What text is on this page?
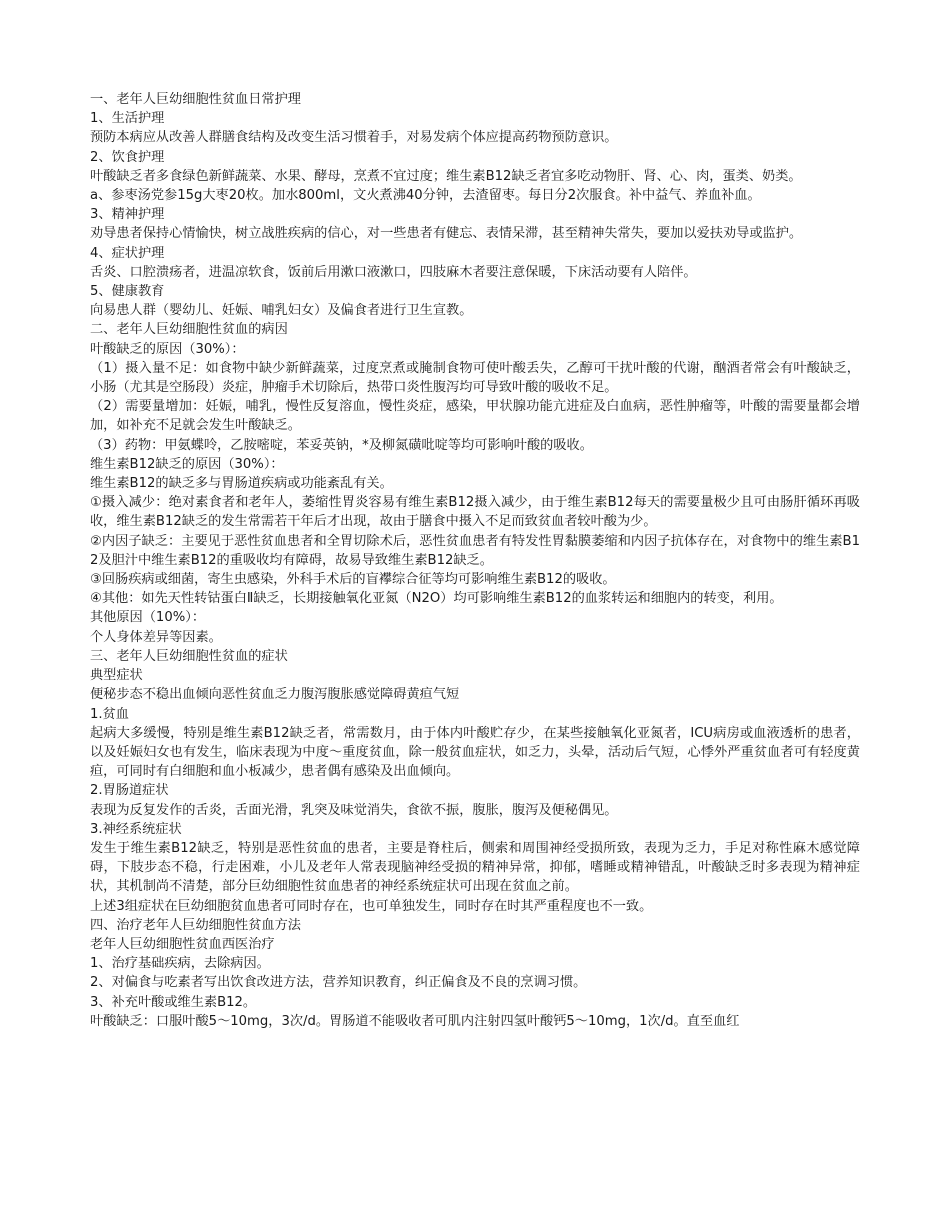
一、老年人巨幼细胞性贫血日常护理

1、生活护理

预防本病应从改善人群膳食结构及改变生活习惯着手，对易发病个体应提高药物预防意识。

2、饮食护理

叶酸缺乏者多食绿色新鲜蔬菜、水果、酵母，烹煮不宜过度；维生素B12缺乏者宜多吃动物肝、肾、心、肉，蛋类、奶类。

a、参枣汤党参15g大枣20枚。加水800ml，文火煮沸40分钟，去渣留枣。每日分2次服食。补中益气、养血补血。

3、精神护理

劝导患者保持心情愉快，树立战胜疾病的信心，对一些患者有健忘、表情呆滞，甚至精神失常失，要加以爱扶劝导或监护。

4、症状护理

舌炎、口腔溃疡者，进温凉软食，饭前后用漱口液漱口，四肢麻木者要注意保暖，下床活动要有人陪伴。

5、健康教育

向易患人群（婴幼儿、妊娠、哺乳妇女）及偏食者进行卫生宣教。

二、老年人巨幼细胞性贫血的病因

叶酸缺乏的原因（30%）：

（1）摄入量不足：如食物中缺少新鲜蔬菜，过度烹煮或腌制食物可使叶酸丢失，乙醇可干扰叶酸的代谢，酗酒者常会有叶酸缺乏，小肠（尤其是空肠段）炎症，肿瘤手术切除后，热带口炎性腹泻均可导致叶酸的吸收不足。

（2）需要量增加：妊娠，哺乳，慢性反复溶血，慢性炎症，感染，甲状腺功能亢进症及白血病，恶性肿瘤等，叶酸的需要量都会增加，如补充不足就会发生叶酸缺乏。

（3）药物：甲氨蝶呤，乙胺嘧啶，苯妥英钠，*及柳氮磺吡啶等均可影响叶酸的吸收。

维生素B12缺乏的原因（30%）：

维生素B12的缺乏多与胃肠道疾病或功能紊乱有关。

①摄入减少：绝对素食者和老年人，萎缩性胃炎容易有维生素B12摄入减少，由于维生素B12每天的需要量极少且可由肠肝循环再吸收，维生素B12缺乏的发生常需若干年后才出现，故由于膳食中摄入不足而致贫血者较叶酸为少。

②内因子缺乏：主要见于恶性贫血患者和全胃切除术后，恶性贫血患者有特发性胃黏膜萎缩和内因子抗体存在，对食物中的维生素B12及胆汁中维生素B12的重吸收均有障碍，故易导致维生素B12缺乏。

③回肠疾病或细菌，寄生虫感染，外科手术后的盲襻综合征等均可影响维生素B12的吸收。

④其他：如先天性转钴蛋白Ⅱ缺乏，长期接触氧化亚氮（N2O）均可影响维生素B12的血浆转运和细胞内的转变，利用。

其他原因（10%）：

个人身体差异等因素。

三、老年人巨幼细胞性贫血的症状

典型症状

便秘步态不稳出血倾向恶性贫血乏力腹泻腹胀感觉障碍黄疸气短

1.贫血

起病大多缓慢，特别是维生素B12缺乏者，常需数月，由于体内叶酸贮存少，在某些接触氧化亚氮者，ICU病房或血液透析的患者，以及妊娠妇女也有发生，临床表现为中度～重度贫血，除一般贫血症状，如乏力，头晕，活动后气短，心悸外严重贫血者可有轻度黄疸，可同时有白细胞和血小板减少，患者偶有感染及出血倾向。

2.胃肠道症状

表现为反复发作的舌炎，舌面光滑，乳突及味觉消失，食欲不振，腹胀，腹泻及便秘偶见。

3.神经系统症状

发生于维生素B12缺乏，特别是恶性贫血的患者，主要是脊柱后，侧索和周围神经受损所致，表现为乏力，手足对称性麻木感觉障碍，下肢步态不稳，行走困难，小儿及老年人常表现脑神经受损的精神异常，抑郁，嗜睡或精神错乱，叶酸缺乏时多表现为精神症状，其机制尚不清楚，部分巨幼细胞性贫血患者的神经系统症状可出现在贫血之前。

上述3组症状在巨幼细胞贫血患者可同时存在，也可单独发生，同时存在时其严重程度也不一致。

四、治疗老年人巨幼细胞性贫血方法

老年人巨幼细胞性贫血西医治疗

1、治疗基础疾病，去除病因。

2、对偏食与吃素者写出饮食改进方法，营养知识教育，纠正偏食及不良的烹调习惯。

3、补充叶酸或维生素B12。

叶酸缺乏：口服叶酸5～10mg，3次/d。胃肠道不能吸收者可肌内注射四氢叶酸钙5～10mg，1次/d。直至血红
